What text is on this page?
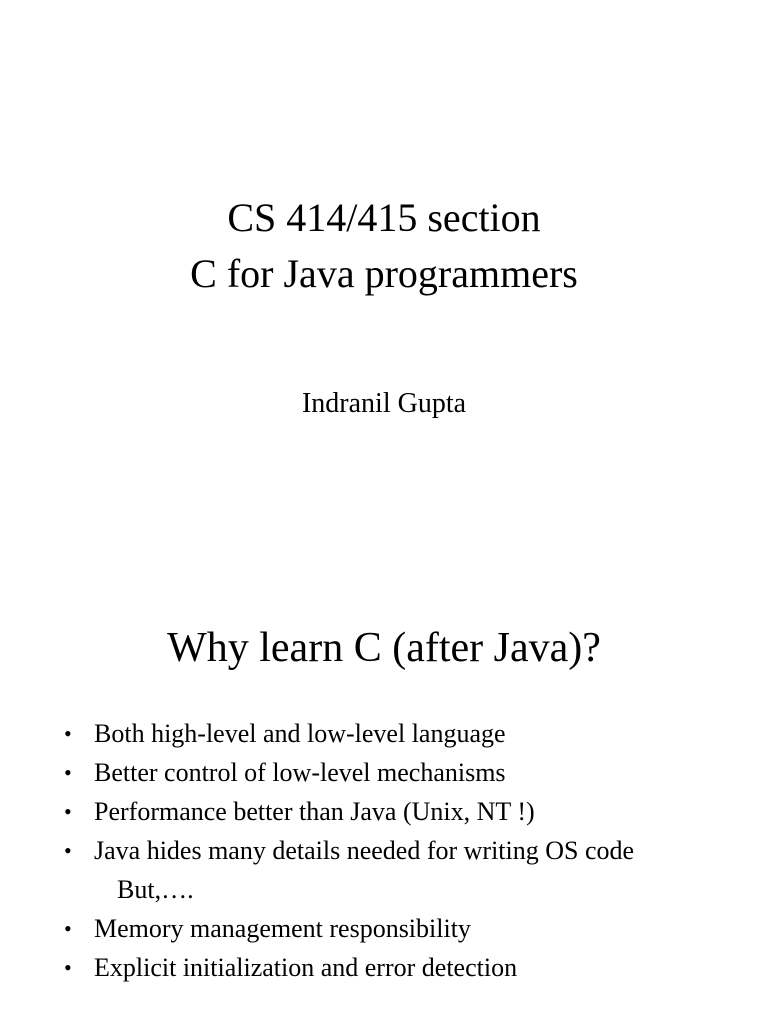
CS 414/415 section
C for Java programmers
Indranil Gupta
Why learn C (after Java)?
• Both high-level and low-level language
• Better control of low-level mechanisms
• Performance better than Java (Unix, NT !)
• Java hides many details needed for writing OS code
But,….
• Memory management responsibility
• Explicit initialization and error detection
